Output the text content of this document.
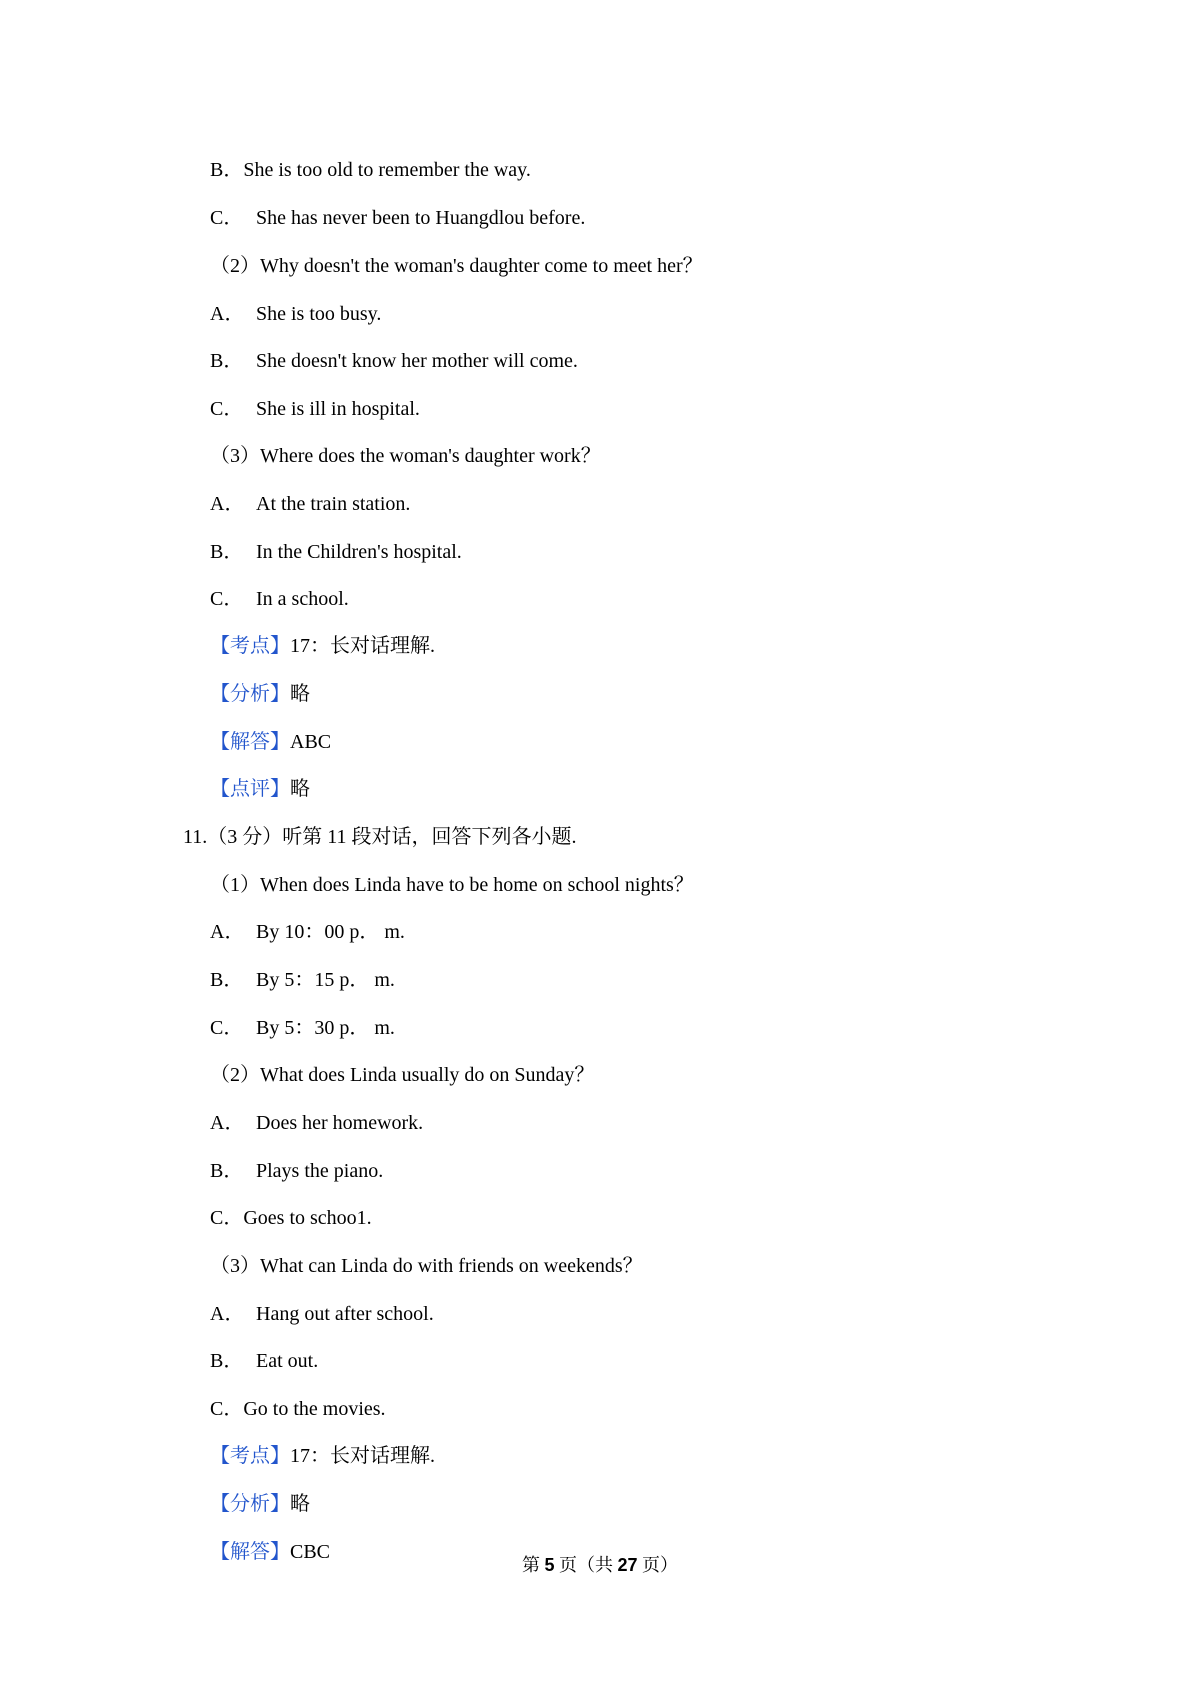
B．She is too old to remember the way.
C． She has never been to Huangdlou before.
（2）Why doesn't the woman's daughter come to meet her？
A． She is too busy.
B． She doesn't know her mother will come.
C． She is ill in hospital.
（3）Where does the woman's daughter work？
A． At the train station.
B． In the Children's hospital.
C． In a school.
【考点】17：长对话理解.
【分析】略
【解答】ABC
【点评】略
11.（3 分）听第 11 段对话，回答下列各小题.
（1）When does Linda have to be home on school nights？
A． By 10：00 p． m.
B． By 5：15 p． m.
C． By 5：30 p． m.
（2）What does Linda usually do on Sunday？
A． Does her homework.
B． Plays the piano.
C．Goes to schoo1.
（3）What can Linda do with friends on weekends？
A． Hang out after school.
B． Eat out.
C．Go to the movies.
【考点】17：长对话理解.
【分析】略
【解答】CBC
第 5 页（共 27 页）
